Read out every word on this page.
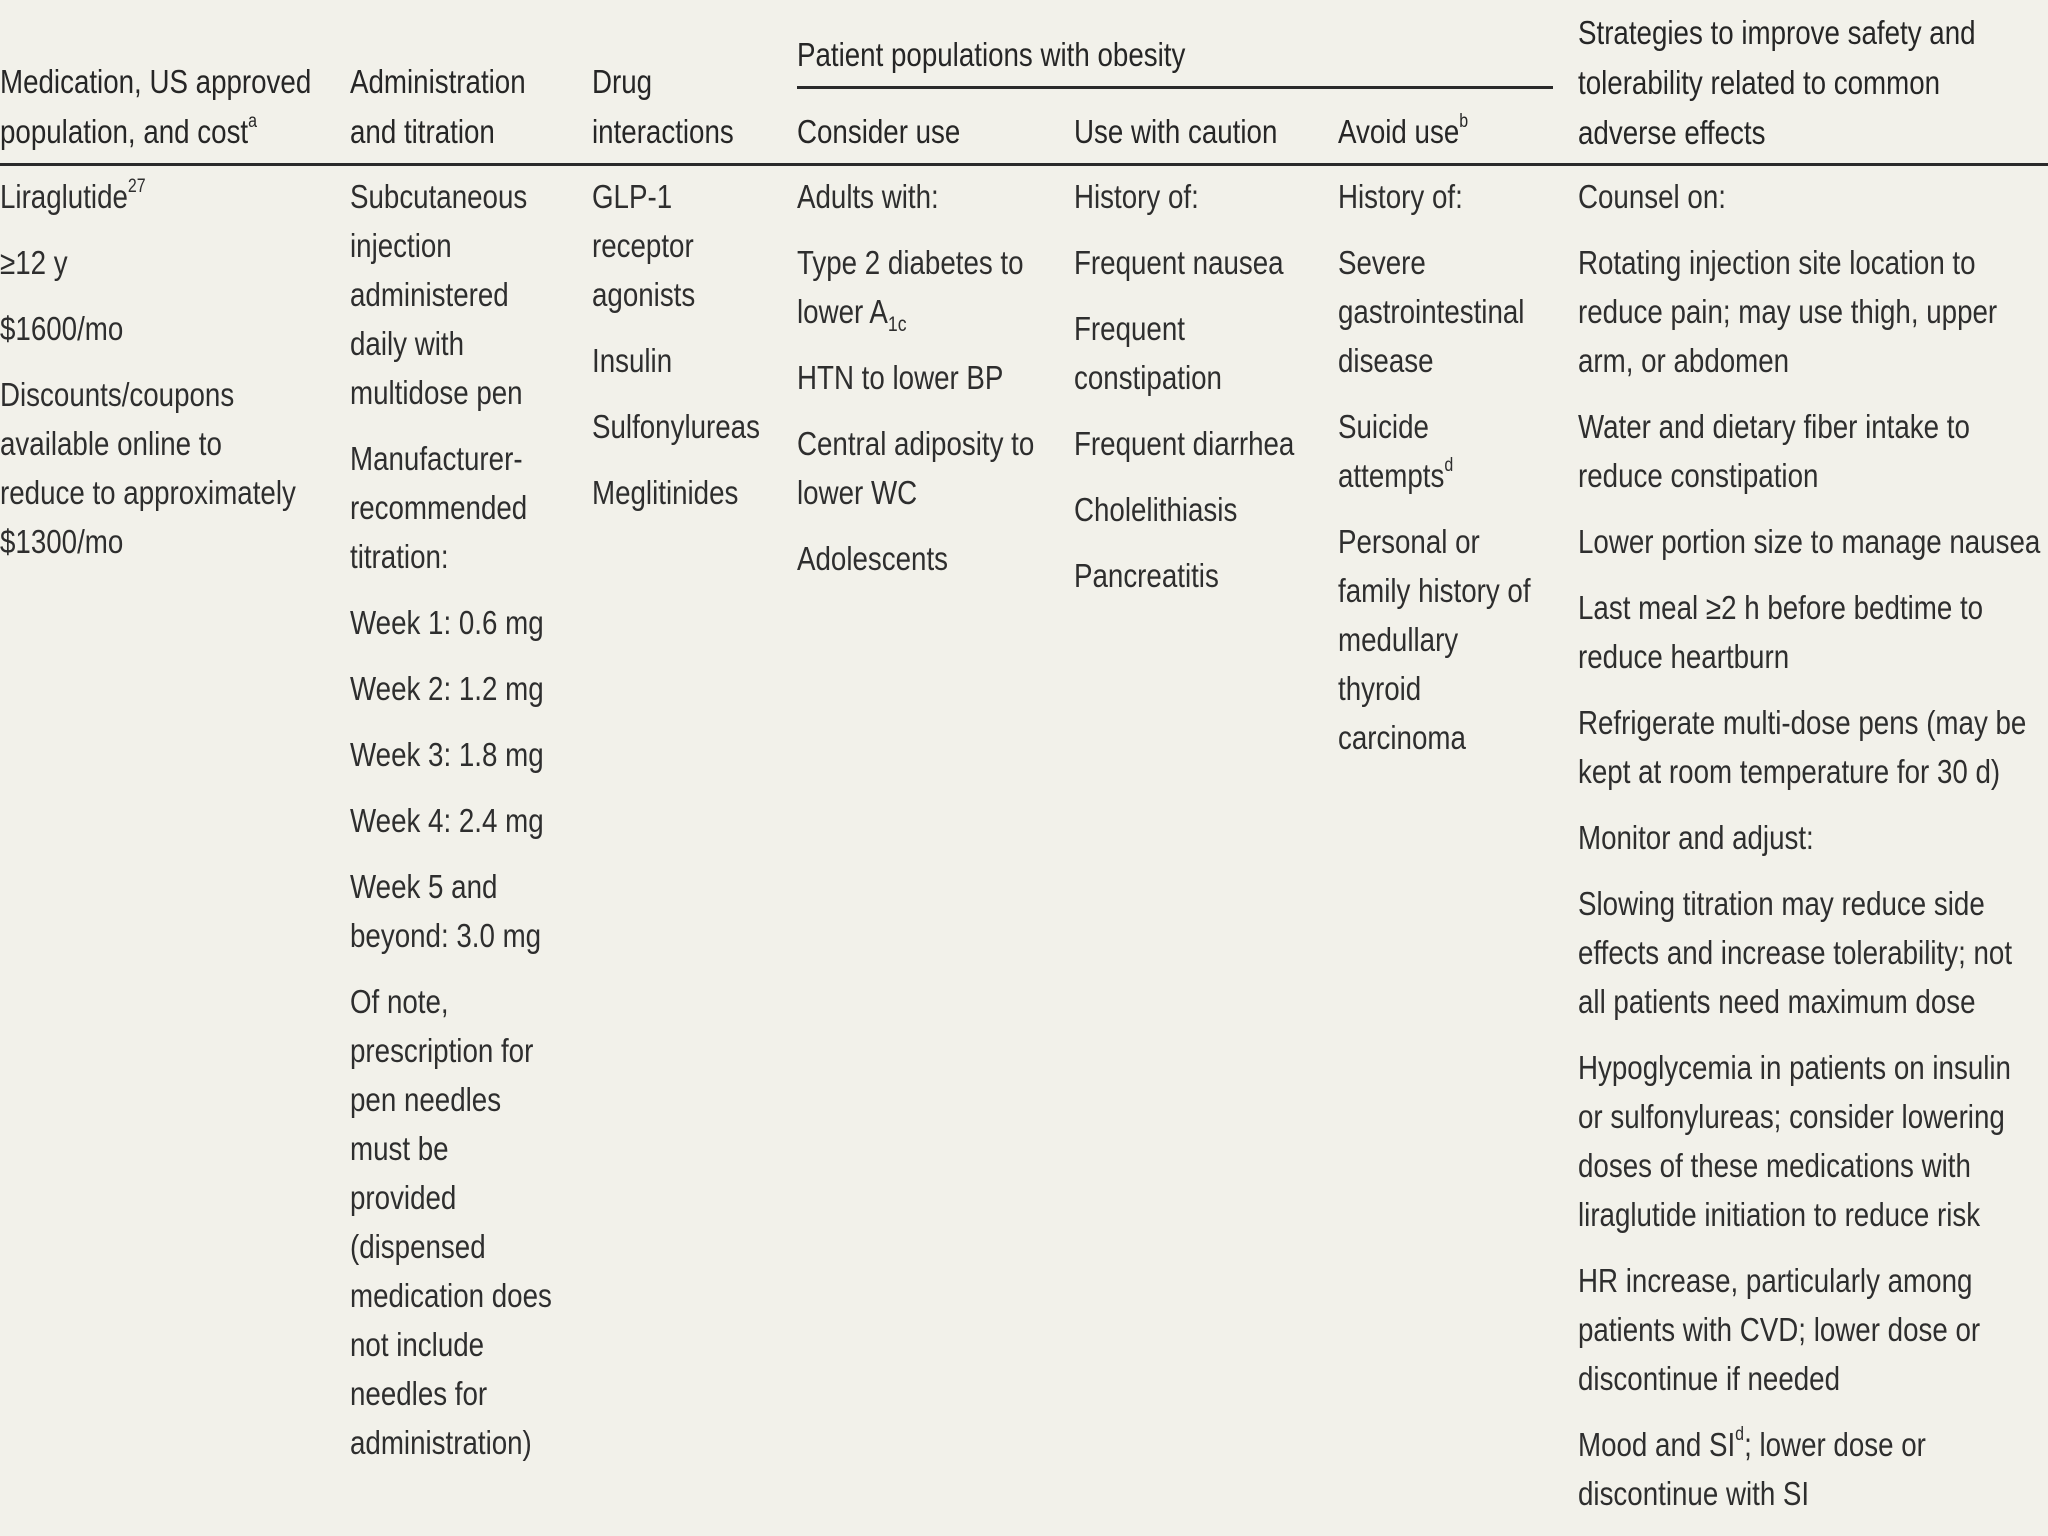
Medication, US approved
population, and cost$^a$
Administration
and titration
Drug
interactions
Patient populations with obesity
Consider use	Use with caution Avoid use$^b$
Strategies to improve safety and
tolerability related to common
adverse effects
Liraglutide$^{27}$
≥12 y
$1600/mo
Discounts/coupons
available online to
reduce to approximately
$1300/mo
Subcutaneous
injection
administered
daily with
multidose pen
Manufacturer-
recommended
titration:
Week 1: 0.6 mg
Week 2: 1.2 mg
Week 3: 1.8 mg
Week 4: 2.4 mg
Week 5 and
beyond: 3.0 mg
Of note,
prescription for
pen needles
must be
provided
(dispensed
medication does
not include
needles for
administration)
GLP-1
receptor
agonists
Insulin
Sulfonylureas
Meglitinides
Adults with:
Type 2 diabetes to
lower $A_{1c}$
HTN to lower BP
Central adiposity to
lower WC
Adolescents
History of:
Frequent nausea
Frequent
constipation
Frequent diarrhea
Cholelithiasis
Pancreatitis
History of:
Severe
gastrointestinal
disease
Suicide
attempts$^d$
Personal or
family history of
medullary
thyroid
carcinoma
Counsel on:
Rotating injection site location to
reduce pain; may use thigh, upper
arm, or abdomen
Water and dietary fiber intake to
reduce constipation
Lower portion size to manage nausea
Last meal ≥2 h before bedtime to
reduce heartburn
Refrigerate multi-dose pens (may be
kept at room temperature for 30 d)
Monitor and adjust:
Slowing titration may reduce side
effects and increase tolerability; not
all patients need maximum dose
Hypoglycemia in patients on insulin
or sulfonylureas; consider lowering
doses of these medications with
liraglutide initiation to reduce risk
HR increase, particularly among
patients with CVD; lower dose or
discontinue if needed
Mood and $SI^d$; lower dose or
discontinue with SI
